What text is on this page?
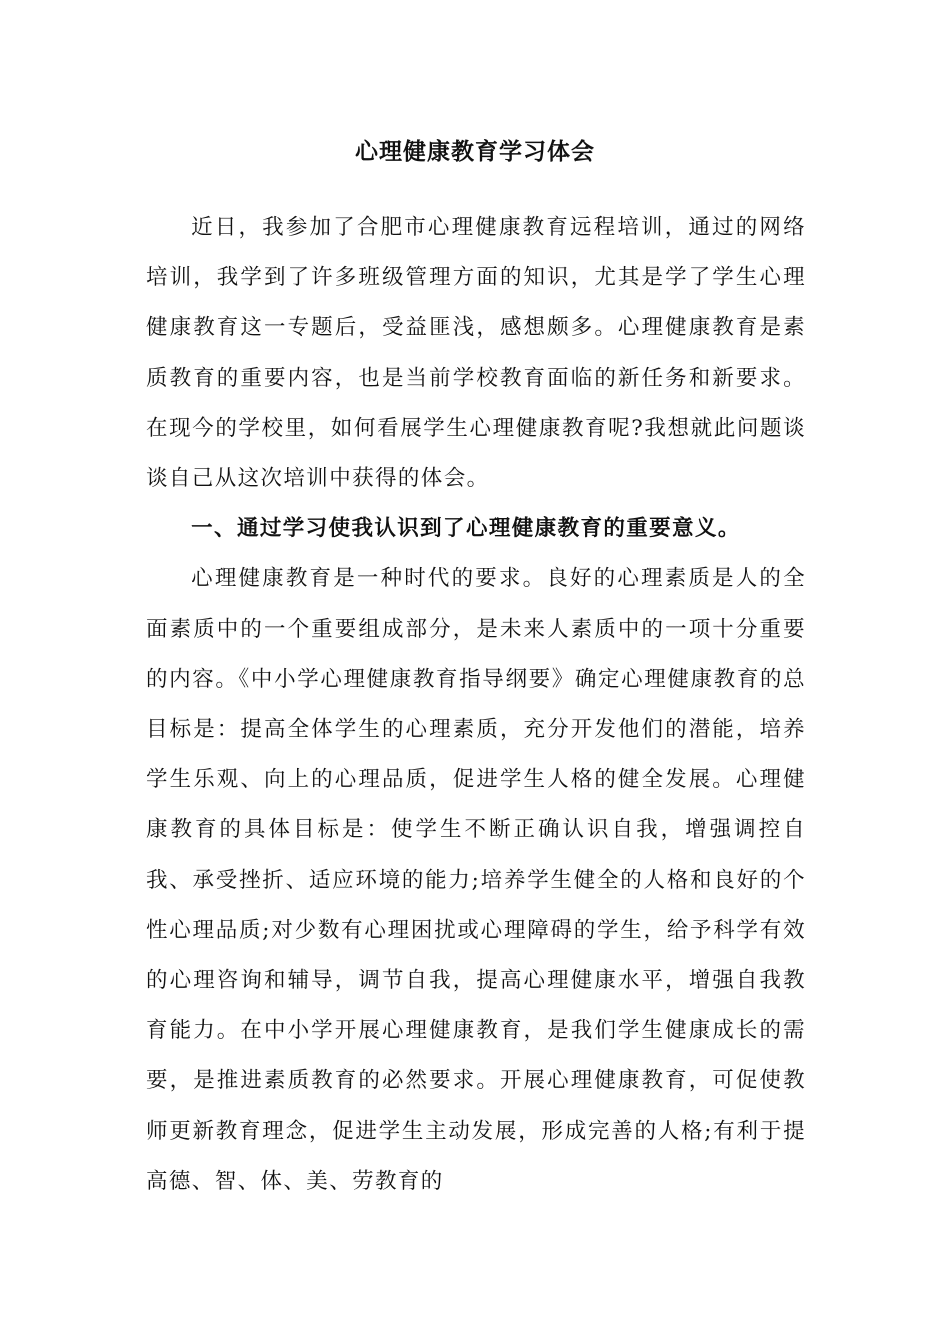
心理健康教育学习体会

近日，我参加了合肥市心理健康教育远程培训，通过的网络培训，我学到了许多班级管理方面的知识，尤其是学了学生心理健康教育这一专题后，受益匪浅，感想颇多。心理健康教育是素质教育的重要内容，也是当前学校教育面临的新任务和新要求。在现今的学校里，如何看展学生心理健康教育呢?我想就此问题谈谈自己从这次培训中获得的体会。

一、通过学习使我认识到了心理健康教育的重要意义。

心理健康教育是一种时代的要求。良好的心理素质是人的全面素质中的一个重要组成部分，是未来人素质中的一项十分重要的内容。《中小学心理健康教育指导纲要》确定心理健康教育的总目标是：提高全体学生的心理素质，充分开发他们的潜能，培养学生乐观、向上的心理品质，促进学生人格的健全发展。心理健康教育的具体目标是：使学生不断正确认识自我，增强调控自我、承受挫折、适应环境的能力;培养学生健全的人格和良好的个性心理品质;对少数有心理困扰或心理障碍的学生，给予科学有效的心理咨询和辅导，调节自我，提高心理健康水平，增强自我教育能力。在中小学开展心理健康教育，是我们学生健康成长的需要，是推进素质教育的必然要求。开展心理健康教育，可促使教师更新教育理念，促进学生主动发展，形成完善的人格;有利于提高德、智、体、美、劳教育的
